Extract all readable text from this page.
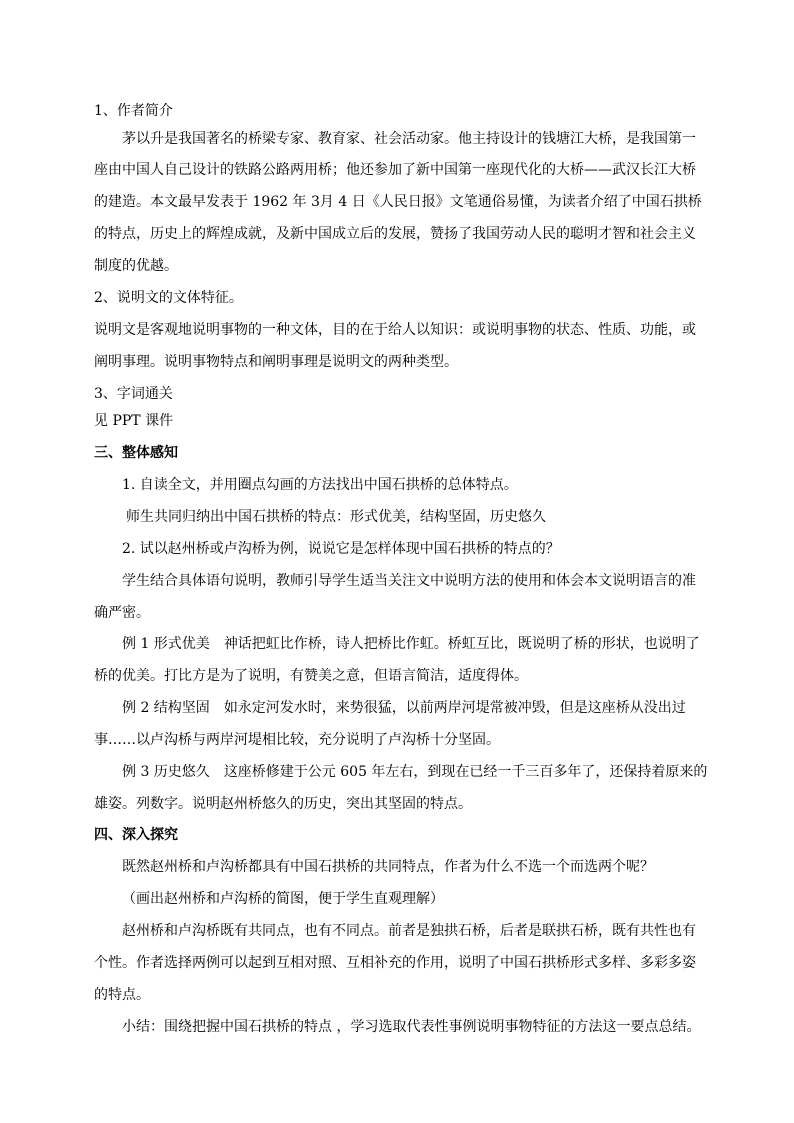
1、作者简介
茅以升是我国著名的桥梁专家、教育家、社会活动家。他主持设计的钱塘江大桥，是我国第一
座由中国人自己设计的铁路公路两用桥；他还参加了新中国第一座现代化的大桥——武汉长江大桥
的建造。本文最早发表于 1962 年 3月 4 日《人民日报》文笔通俗易懂，为读者介绍了中国石拱桥
的特点，历史上的辉煌成就，及新中国成立后的发展，赞扬了我国劳动人民的聪明才智和社会主义
制度的优越。
2、说明文的文体特征。
说明文是客观地说明事物的一种文体，目的在于给人以知识：或说明事物的状态、性质、功能，或
阐明事理。说明事物特点和阐明事理是说明文的两种类型。
3、字词通关
见 PPT 课件
三、整体感知
1. 自读全文，并用圈点勾画的方法找出中国石拱桥的总体特点。
师生共同归纳出中国石拱桥的特点：形式优美，结构坚固，历史悠久
2. 试以赵州桥或卢沟桥为例，说说它是怎样体现中国石拱桥的特点的？
学生结合具体语句说明，教师引导学生适当关注文中说明方法的使用和体会本文说明语言的准
确严密。
例 1 形式优美 神话把虹比作桥，诗人把桥比作虹。桥虹互比，既说明了桥的形状，也说明了
桥的优美。打比方是为了说明，有赞美之意，但语言简洁，适度得体。
例 2 结构坚固 如永定河发水时，来势很猛，以前两岸河堤常被冲毁，但是这座桥从没出过
事……以卢沟桥与两岸河堤相比较，充分说明了卢沟桥十分坚固。
例 3 历史悠久 这座桥修建于公元 605 年左右，到现在已经一千三百多年了，还保持着原来的
雄姿。列数字。说明赵州桥悠久的历史，突出其坚固的特点。
四、深入探究
既然赵州桥和卢沟桥都具有中国石拱桥的共同特点，作者为什么不选一个而选两个呢？
（画出赵州桥和卢沟桥的简图，便于学生直观理解）
赵州桥和卢沟桥既有共同点，也有不同点。前者是独拱石桥，后者是联拱石桥，既有共性也有
个性。作者选择两例可以起到互相对照、互相补充的作用，说明了中国石拱桥形式多样、多彩多姿
的特点。
小结：围绕把握中国石拱桥的特点 ，学习选取代表性事例说明事物特征的方法这一要点总结。
